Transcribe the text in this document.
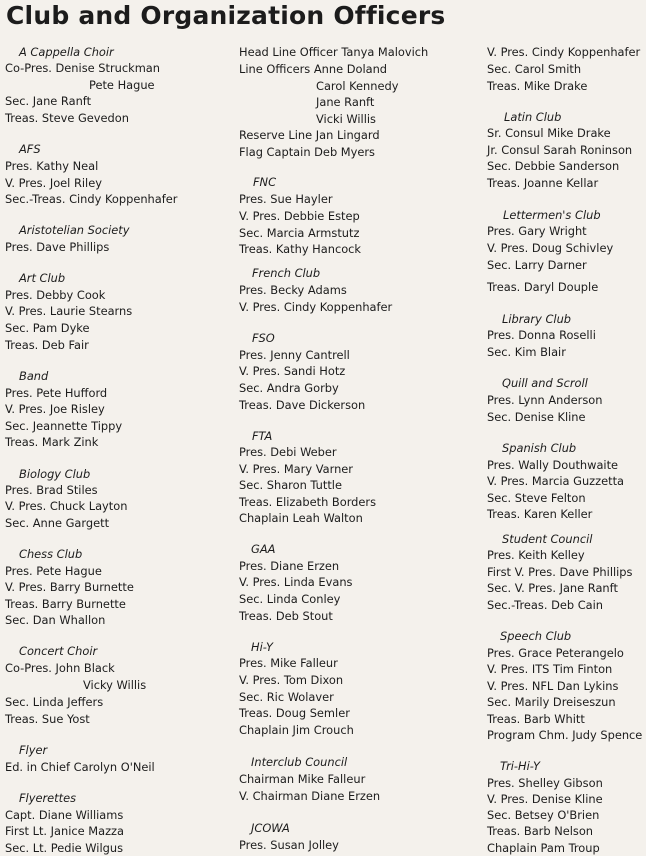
Club and Organization Officers
A Cappella Choir
Co-Pres. Denise Struckman
Pete Hague
Sec. Jane Ranft
Treas. Steve Gevedon
AFS
Pres. Kathy Neal
V. Pres. Joel Riley
Sec.-Treas. Cindy Koppenhafer
Aristotelian Society
Pres. Dave Phillips
Art Club
Pres. Debby Cook
V. Pres. Laurie Stearns
Sec. Pam Dyke
Treas. Deb Fair
Band
Pres. Pete Hufford
V. Pres. Joe Risley
Sec. Jeannette Tippy
Treas. Mark Zink
Biology Club
Pres. Brad Stiles
V. Pres. Chuck Layton
Sec. Anne Gargett
Chess Club
Pres. Pete Hague
V. Pres. Barry Burnette
Treas. Barry Burnette
Sec. Dan Whallon
Concert Choir
Co-Pres. John Black
Vicky Willis
Sec. Linda Jeffers
Treas. Sue Yost
Flyer
Ed. in Chief Carolyn O'Neil
Flyerettes
Capt. Diane Williams
First Lt. Janice Mazza
Sec. Lt. Pedie Wilgus
Head Line Officer Tanya Malovich
Line Officers Anne Doland
Carol Kennedy
Jane Ranft
Vicki Willis
Reserve Line Jan Lingard
Flag Captain Deb Myers
FNC
Pres. Sue Hayler
V. Pres. Debbie Estep
Sec. Marcia Armstutz
Treas. Kathy Hancock
French Club
Pres. Becky Adams
V. Pres. Cindy Koppenhafer
FSO
Pres. Jenny Cantrell
V. Pres. Sandi Hotz
Sec. Andra Gorby
Treas. Dave Dickerson
FTA
Pres. Debi Weber
V. Pres. Mary Varner
Sec. Sharon Tuttle
Treas. Elizabeth Borders
Chaplain Leah Walton
GAA
Pres. Diane Erzen
V. Pres. Linda Evans
Sec. Linda Conley
Treas. Deb Stout
Hi-Y
Pres. Mike Falleur
V. Pres. Tom Dixon
Sec. Ric Wolaver
Treas. Doug Semler
Chaplain Jim Crouch
Interclub Council
Chairman Mike Falleur
V. Chairman Diane Erzen
JCOWA
Pres. Susan Jolley
V. Pres. Cindy Koppenhafer
Sec. Carol Smith
Treas. Mike Drake
Latin Club
Sr. Consul Mike Drake
Jr. Consul Sarah Roninson
Sec. Debbie Sanderson
Treas. Joanne Kellar
Lettermen's Club
Pres. Gary Wright
V. Pres. Doug Schivley
Sec. Larry Darner
Treas. Daryl Douple
Library Club
Pres. Donna Roselli
Sec. Kim Blair
Quill and Scroll
Pres. Lynn Anderson
Sec. Denise Kline
Spanish Club
Pres. Wally Douthwaite
V. Pres. Marcia Guzzetta
Sec. Steve Felton
Treas. Karen Keller
Student Council
Pres. Keith Kelley
First V. Pres. Dave Phillips
Sec. V. Pres. Jane Ranft
Sec.-Treas. Deb Cain
Speech Club
Pres. Grace Peterangelo
V. Pres. ITS Tim Finton
V. Pres. NFL Dan Lykins
Sec. Marily Dreiseszun
Treas. Barb Whitt
Program Chm. Judy Spence
Tri-Hi-Y
Pres. Shelley Gibson
V. Pres. Denise Kline
Sec. Betsey O'Brien
Treas. Barb Nelson
Chaplain Pam Troup
